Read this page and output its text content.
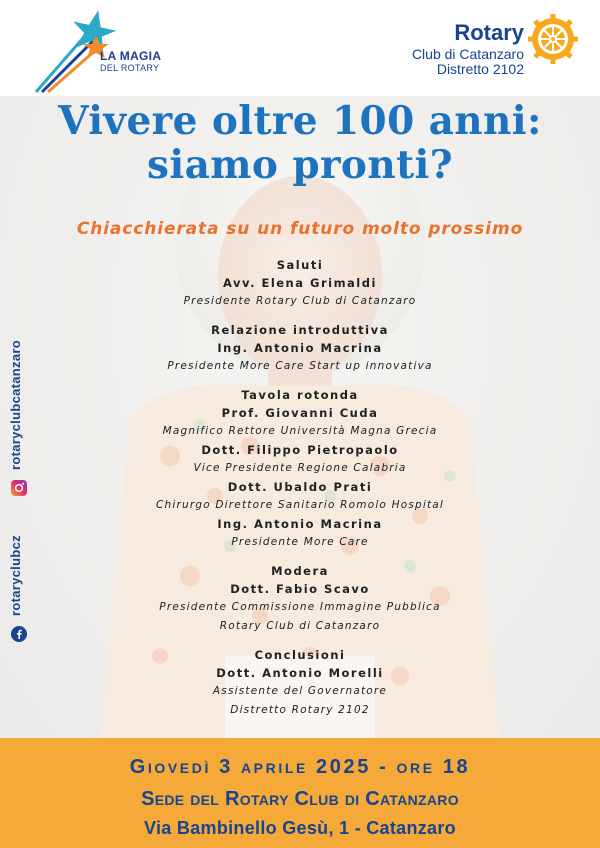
LA MAGIA
DEL ROTARY
Rotary
Club di Catanzaro
Distretto 2102
Vivere oltre 100 anni:
siamo pronti?
Chiacchierata su un futuro molto prossimo
Saluti
Avv. Elena Grimaldi
Presidente Rotary Club di Catanzaro
Relazione introduttiva
Ing. Antonio Macrina
Presidente More Care Start up innovativa
Tavola rotonda
Prof. Giovanni Cuda
Magnifico Rettore Università Magna Grecia
Dott. Filippo Pietropaolo
Vice Presidente Regione Calabria
Dott. Ubaldo Prati
Chirurgo Direttore Sanitario Romolo Hospital
Ing. Antonio Macrina
Presidente More Care
Modera
Dott. Fabio Scavo
Presidente Commissione Immagine Pubblica
Rotary Club di Catanzaro
Conclusioni
Dott. Antonio Morelli
Assistente del Governatore
Distretto Rotary 2102
rotaryclubcatanzaro
rotaryclubcz
Giovedì 3 aprile 2025 - ore 18
Sede del Rotary Club di Catanzaro
Via Bambinello Gesù, 1 - Catanzaro
